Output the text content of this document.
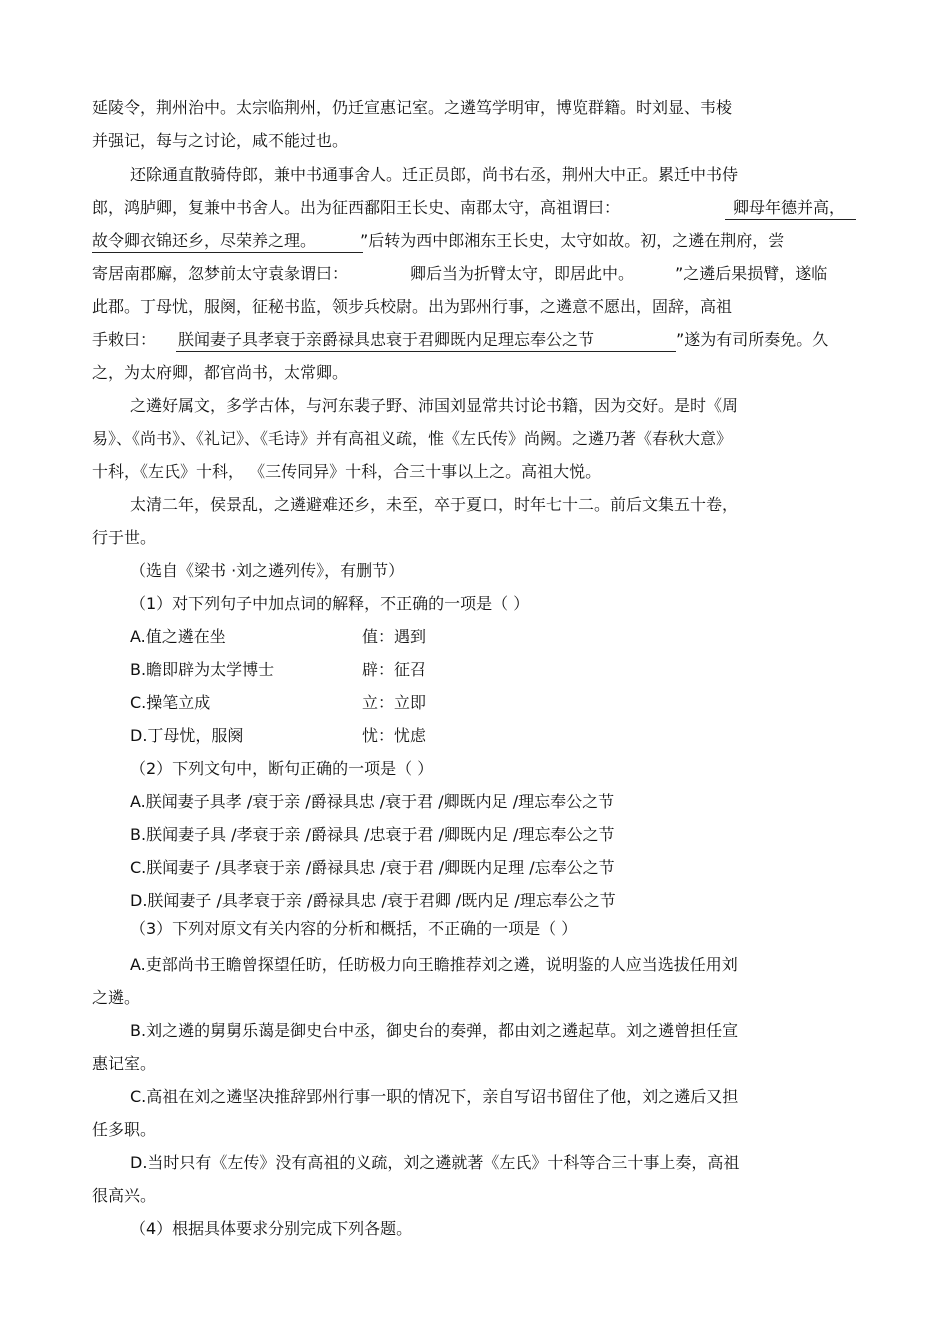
延陵令，荆州治中。太宗临荆州，仍迁宣惠记室。之遴笃学明审，博览群籍。时刘显、韦棱
并强记，每与之讨论，咸不能过也。
还除通直散骑侍郎，兼中书通事舍人。迁正员郎，尚书右丞，荆州大中正。累迁中书侍
郎，鸿胪卿，复兼中书舍人。出为征西鄱阳王长史、南郡太守，高祖谓曰：	卿母年德并高，
故令卿衣锦还乡，尽荣养之理。	”后转为西中郎湘东王长史，太守如故。初，之遴在荆府，尝
寄居南郡廨，忽梦前太守袁彖谓曰：	卿后当为折臂太守，即居此中。	”之遴后果损臂，遂临
此郡。丁母忧，服阕，征秘书监，领步兵校尉。出为郢州行事，之遴意不愿出，固辞，高祖
手敕曰： 朕闻妻子具孝衰于亲爵禄具忠衰于君卿既内足理忘奉公之节	”遂为有司所奏免。久
之，为太府卿，都官尚书，太常卿。
之遴好属文，多学古体，与河东裴子野、沛国刘显常共讨论书籍，因为交好。是时《周
易》、《尚书》、《礼记》、《毛诗》并有高祖义疏，惟《左氏传》尚阙。之遴乃著《春秋大意》
十科，《左氏》十科， 《三传同异》十科，合三十事以上之。高祖大悦。
太清二年，侯景乱，之遴避难还乡，未至，卒于夏口，时年七十二。前后文集五十卷，
行于世。
（选自《梁书 ·刘之遴列传》，有删节）
（1）对下列句子中加点词的解释，不正确的一项是（ ）
A.值之遴在坐	值：遇到
B.瞻即辟为太学博士	辟：征召
C.操笔立成	立：立即
D.丁母忧，服阕	忧：忧虑
（2）下列文句中，断句正确的一项是（ ）
A.朕闻妻子具孝 /衰于亲 /爵禄具忠 /衰于君 /卿既内足 /理忘奉公之节
B.朕闻妻子具 /孝衰于亲 /爵禄具 /忠衰于君 /卿既内足 /理忘奉公之节
C.朕闻妻子 /具孝衰于亲 /爵禄具忠 /衰于君 /卿既内足理 /忘奉公之节
D.朕闻妻子 /具孝衰于亲 /爵禄具忠 /衰于君卿 /既内足 /理忘奉公之节
（3）下列对原文有关内容的分析和概括，不正确的一项是（ ）
A.吏部尚书王瞻曾探望任昉，任昉极力向王瞻推荐刘之遴，说明鉴的人应当选拔任用刘
之遴。
B.刘之遴的舅舅乐蔼是御史台中丞，御史台的奏弹，都由刘之遴起草。刘之遴曾担任宣
惠记室。
C.高祖在刘之遴坚决推辞郢州行事一职的情况下，亲自写诏书留住了他，刘之遴后又担
任多职。
D.当时只有《左传》没有高祖的义疏，刘之遴就著《左氏》十科等合三十事上奏，高祖
很高兴。
（4）根据具体要求分别完成下列各题。
